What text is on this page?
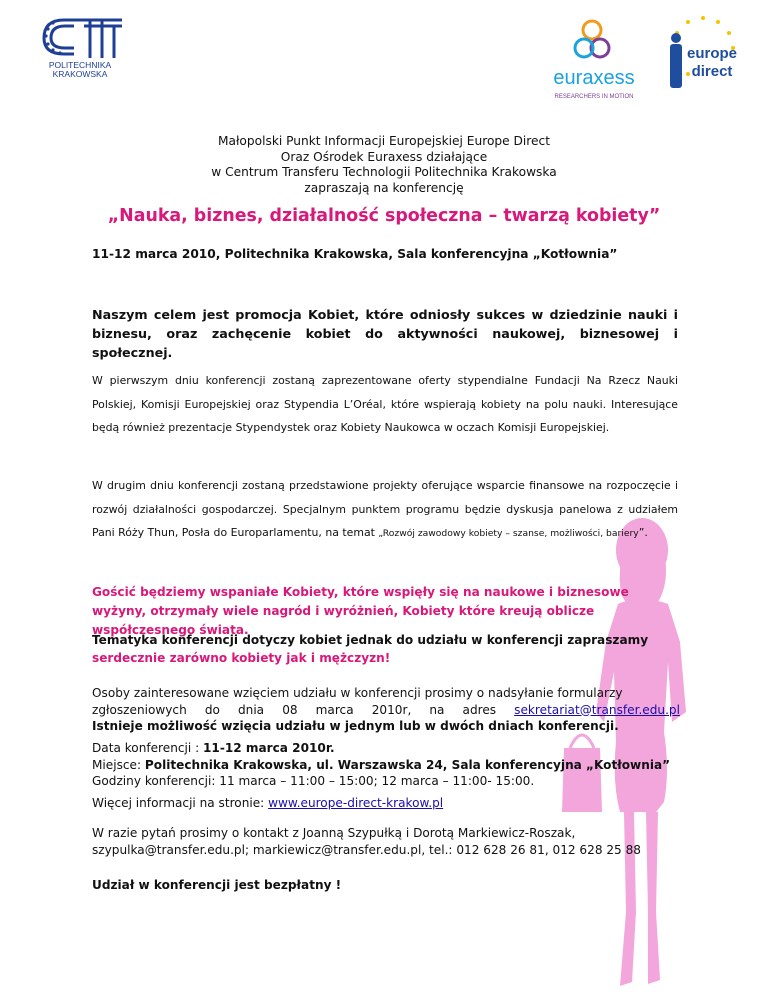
POLITECHNIKA
KRAKOWSKA	euraxess
RESEARCHERS IN MOTION
europe
direct
Małopolski Punkt Informacji Europejskiej Europe Direct
Oraz Ośrodek Euraxess działające
w Centrum Transferu Technologii Politechnika Krakowska
zapraszają na konferencję
„Nauka, biznes, działalność społeczna – twarzą kobiety”
11-12 marca 2010, Politechnika Krakowska, Sala konferencyjna „Kotłownia”
Naszym celem jest promocja Kobiet, które odniosły sukces w dziedzinie nauki i biznesu, oraz zachęcenie kobiet do aktywności naukowej, biznesowej i społecznej.
W pierwszym dniu konferencji zostaną zaprezentowane oferty stypendialne Fundacji Na Rzecz Nauki Polskiej, Komisji Europejskiej oraz Stypendia L’Oréal, które wspierają kobiety na polu nauki. Interesujące będą również prezentacje Stypendystek oraz Kobiety Naukowca w oczach Komisji Europejskiej.
W drugim dniu konferencji zostaną przedstawione projekty oferujące wsparcie finansowe na rozpoczęcie i rozwój działalności gospodarczej. Specjalnym punktem programu będzie dyskusja panelowa z udziałem Pani Róży Thun, Posła do Europarlamentu, na temat „Rozwój zawodowy kobiety – szanse, możliwości, bariery”.
Gościć będziemy wspaniałe Kobiety, które wspięły się na naukowe i biznesowe wyżyny, otrzymały wiele nagród i wyróżnień, Kobiety które kreują oblicze współczesnego świata.
Tematyka konferencji dotyczy kobiet jednak do udziału w konferencji zapraszamy
serdecznie zarówno kobiety jak i mężczyzn!
Osoby zainteresowane wzięciem udziału w konferencji prosimy o nadsyłanie formularzy
zgłoszeniowych do dnia 08 marca 2010r, na adres sekretariat@transfer.edu.pl
Istnieje możliwość wzięcia udziału w jednym lub w dwóch dniach konferencji.
Data konferencji : 11-12 marca 2010r.
Miejsce: Politechnika Krakowska, ul. Warszawska 24, Sala konferencyjna „Kotłownia”
Godziny konferencji: 11 marca – 11:00 – 15:00; 12 marca – 11:00- 15:00.
Więcej informacji na stronie: www.europe-direct-krakow.pl
W razie pytań prosimy o kontakt z Joanną Szypułką i Dorotą Markiewicz-Roszak,
szypulka@transfer.edu.pl; markiewicz@transfer.edu.pl, tel.: 012 628 26 81, 012 628 25 88
Udział w konferencji jest bezpłatny !
